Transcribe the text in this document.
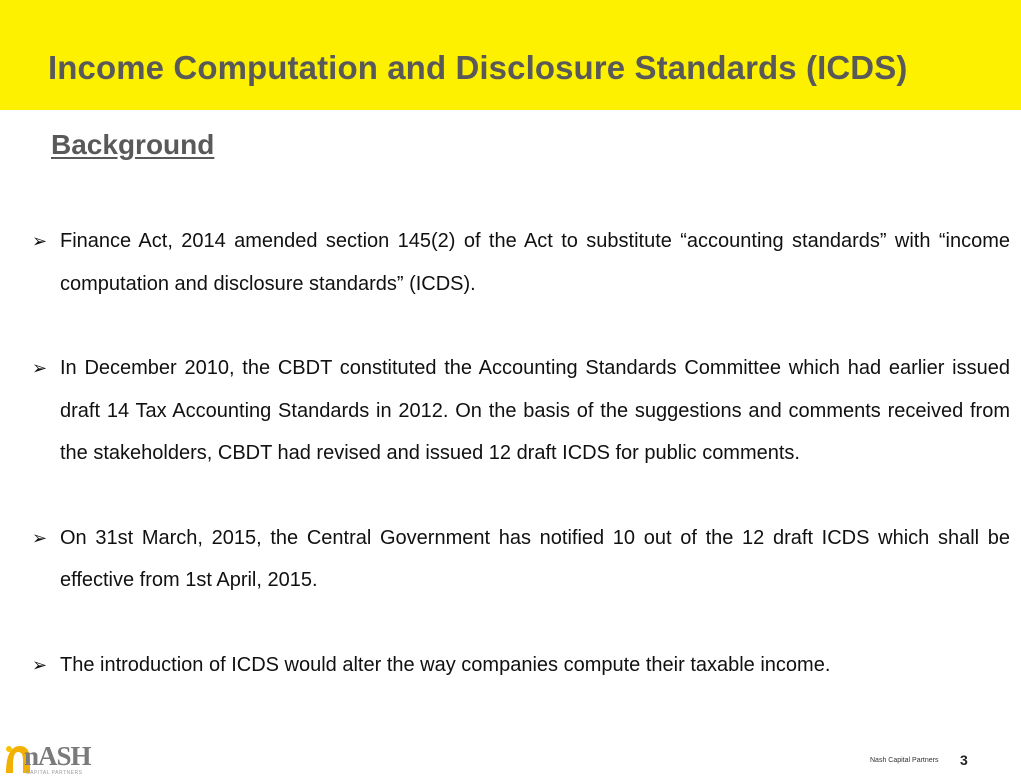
Income Computation and Disclosure Standards (ICDS)
Background
➢ Finance Act, 2014 amended section 145(2) of the Act to substitute “accounting standards” with “income computation and disclosure standards” (ICDS).
➢ In December 2010, the CBDT constituted the Accounting Standards Committee which had earlier issued draft 14 Tax Accounting Standards in 2012. On the basis of the suggestions and comments received from the stakeholders, CBDT had revised and issued 12 draft ICDS for public comments.
➢ On 31st March, 2015, the Central Government has notified 10 out of the 12 draft ICDS which shall be effective from 1st April, 2015.
➢ The introduction of ICDS would alter the way companies compute their taxable income.
nASH
CAPITAL PARTNERS
Nash Capital Partners 3
